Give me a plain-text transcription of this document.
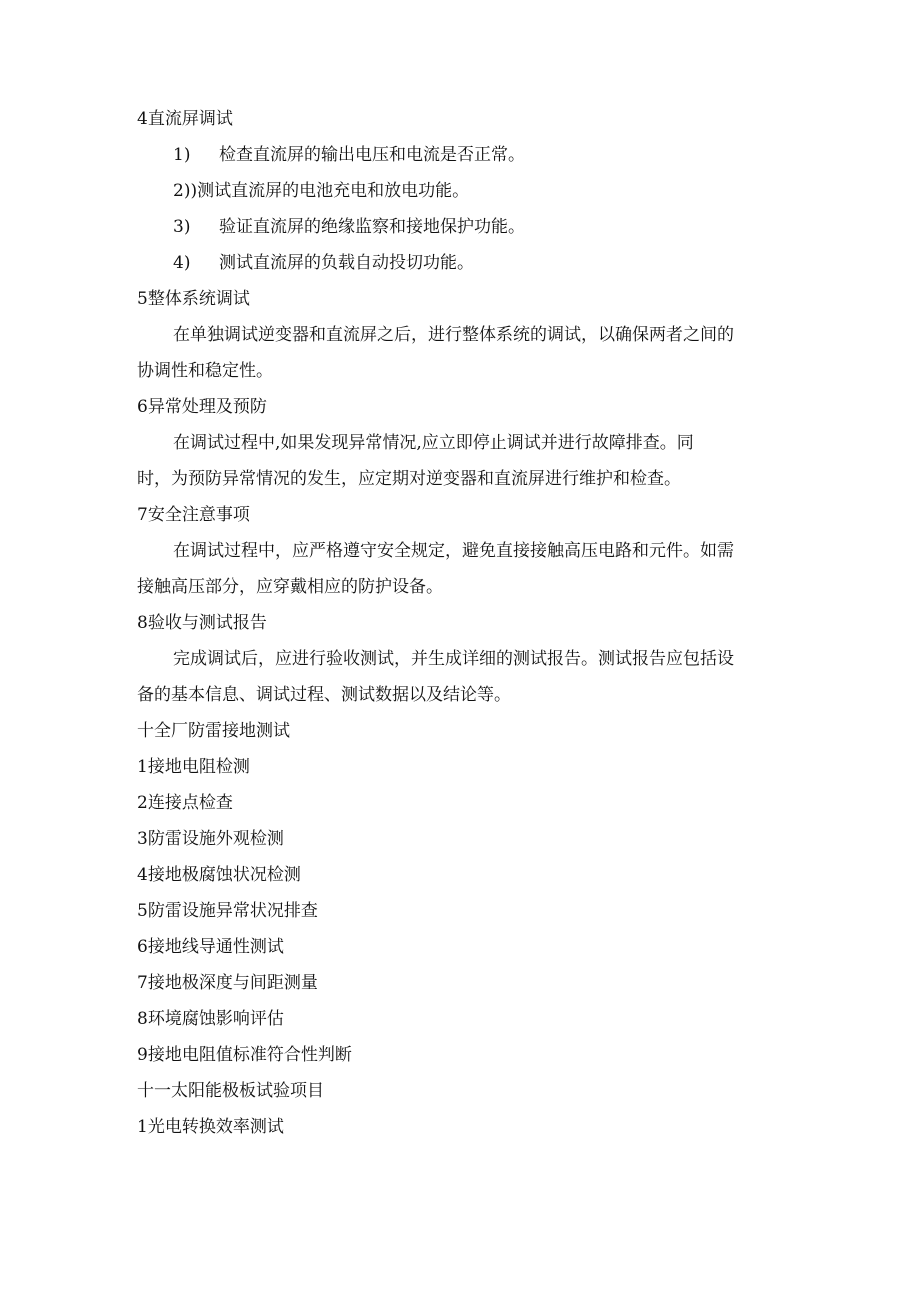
4直流屏调试
1)	检查直流屏的输出电压和电流是否正常。
2)) 测试直流屏的电池充电和放电功能。
3)	验证直流屏的绝缘监察和接地保护功能。
4)	测试直流屏的负载自动投切功能。
5整体系统调试
在单独调试逆变器和直流屏之后，进行整体系统的调试，以确保两者之间的
协调性和稳定性。
6异常处理及预防
在调试过程中,如果发现异常情况,应立即停止调试并进行故障排查。同
时，为预防异常情况的发生，应定期对逆变器和直流屏进行维护和检查。
7安全注意事项
在调试过程中，应严格遵守安全规定，避免直接接触高压电路和元件。如需
接触高压部分，应穿戴相应的防护设备。
8验收与测试报告
完成调试后，应进行验收测试，并生成详细的测试报告。测试报告应包括设
备的基本信息、调试过程、测试数据以及结论等。
十全厂防雷接地测试
1接地电阻检测
2连接点检查
3防雷设施外观检测
4接地极腐蚀状况检测
5防雷设施异常状况排查
6接地线导通性测试
7接地极深度与间距测量
8环境腐蚀影响评估
9接地电阻值标准符合性判断
十一太阳能极板试验项目
1光电转换效率测试
